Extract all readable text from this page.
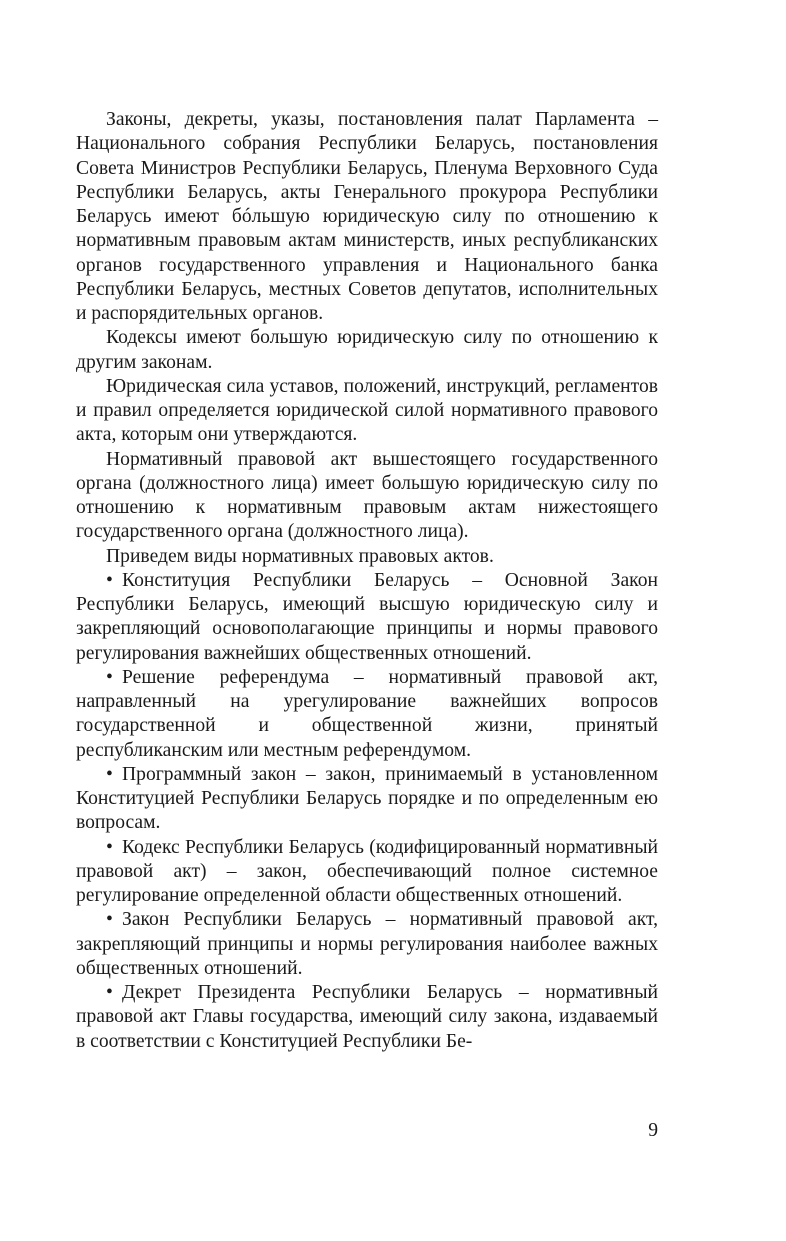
Законы, декреты, указы, постановления палат Парламента – Национального собрания Республики Беларусь, постановления Совета Министров Республики Беларусь, Пленума Верховного Суда Республики Беларусь, акты Генерального прокурора Республики Беларусь имеют бóльшую юридическую силу по отношению к нормативным правовым актам министерств, иных республиканских органов государственного управления и Национального банка Республики Беларусь, местных Советов депутатов, исполнительных и распорядительных органов.

Кодексы имеют большую юридическую силу по отношению к другим законам.

Юридическая сила уставов, положений, инструкций, регламентов и правил определяется юридической силой нормативного правового акта, которым они утверждаются.

Нормативный правовой акт вышестоящего государственного органа (должностного лица) имеет большую юридическую силу по отношению к нормативным правовым актам нижестоящего государственного органа (должностного лица).

Приведем виды нормативных правовых актов.

• Конституция Республики Беларусь – Основной Закон Республики Беларусь, имеющий высшую юридическую силу и закрепляющий основополагающие принципы и нормы правового регулирования важнейших общественных отношений.

• Решение референдума – нормативный правовой акт, направленный на урегулирование важнейших вопросов государственной и общественной жизни, принятый республиканским или местным референдумом.

• Программный закон – закон, принимаемый в установленном Конституцией Республики Беларусь порядке и по определенным ею вопросам.

• Кодекс Республики Беларусь (кодифицированный нормативный правовой акт) – закон, обеспечивающий полное системное регулирование определенной области общественных отношений.

• Закон Республики Беларусь – нормативный правовой акт, закрепляющий принципы и нормы регулирования наиболее важных общественных отношений.

• Декрет Президента Республики Беларусь – нормативный правовой акт Главы государства, имеющий силу закона, издаваемый в соответствии с Конституцией Республики Бе-

9
